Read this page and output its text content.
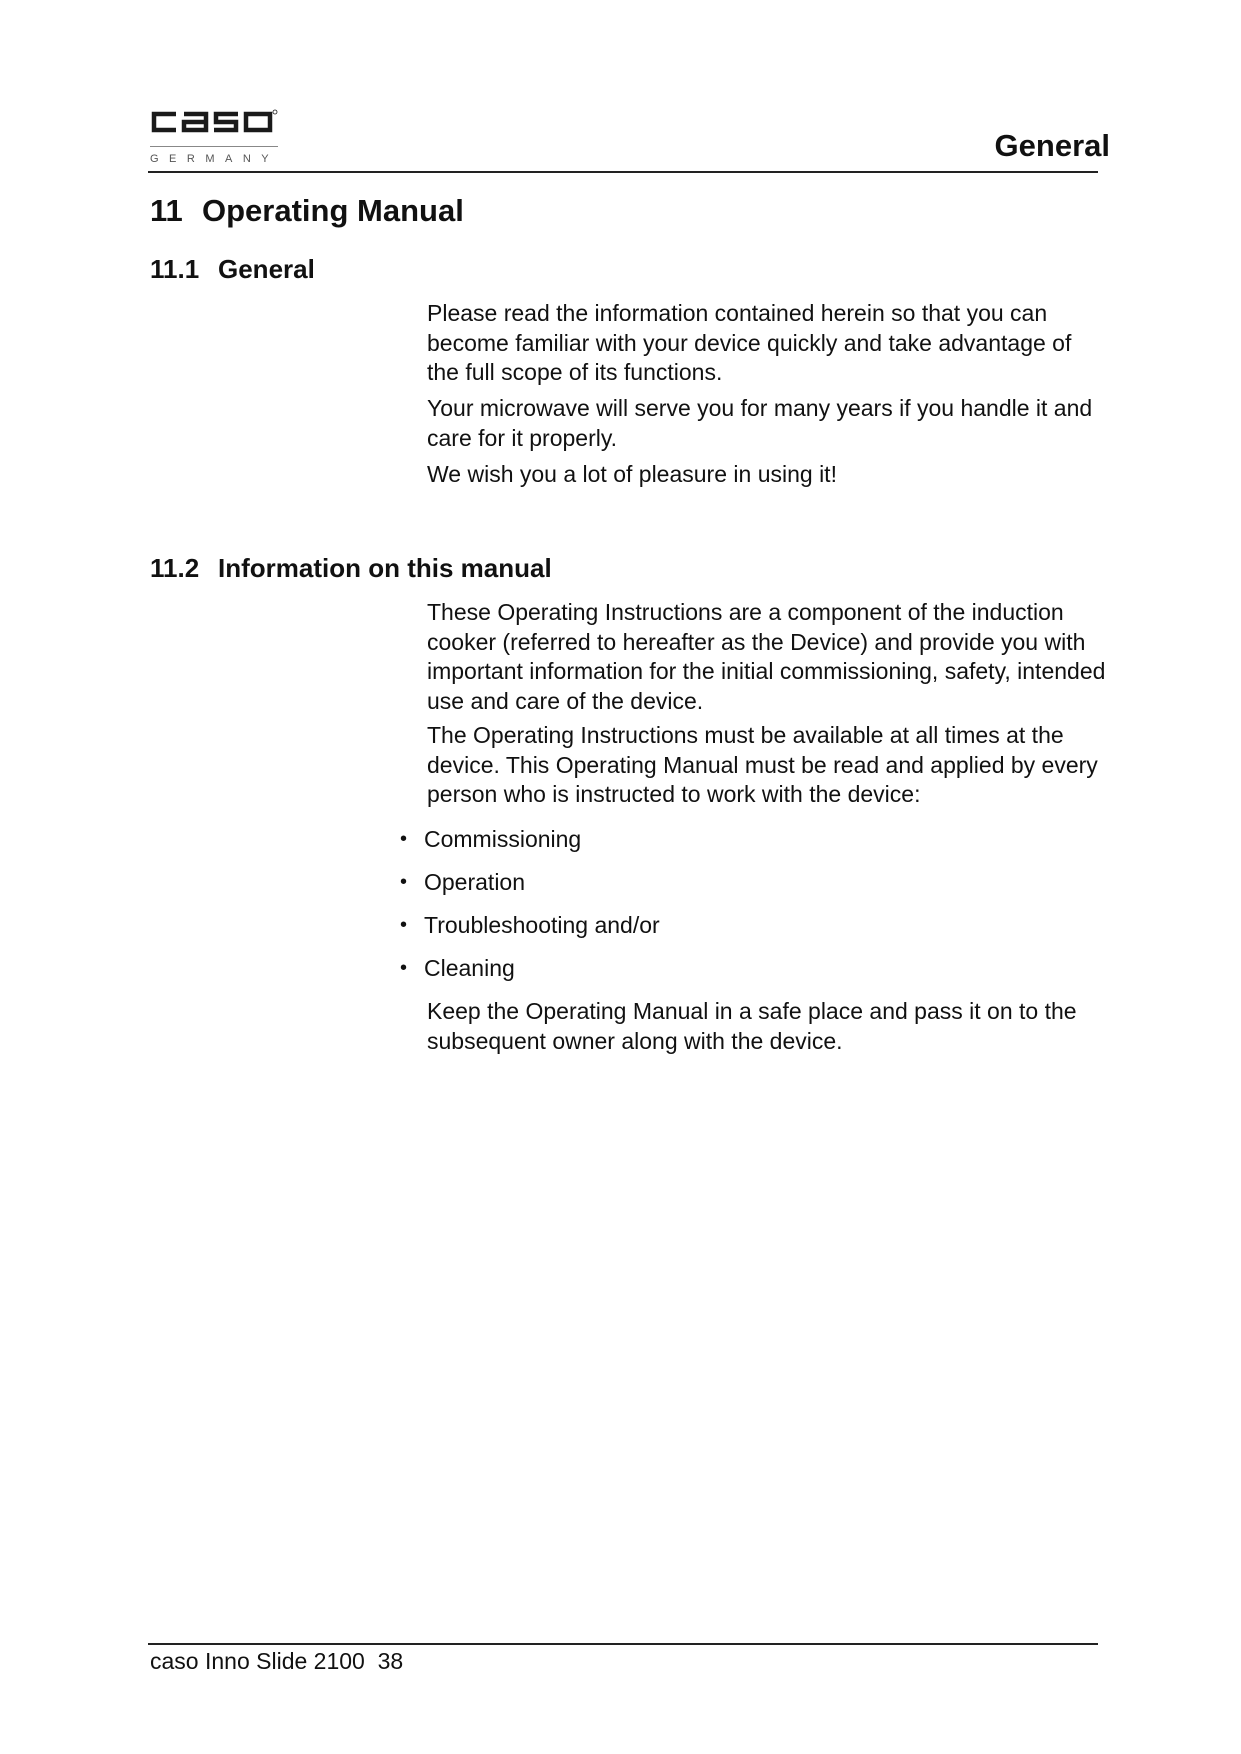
GERMANY	General
11 Operating Manual
11.1 General

Please read the information contained herein so that you can become familiar with your device quickly and take advantage of the full scope of its functions.

Your microwave will serve you for many years if you handle it and care for it properly.

We wish you a lot of pleasure in using it!

11.2 Information on this manual

These Operating Instructions are a component of the induction cooker (referred to hereafter as the Device) and provide you with important information for the initial commissioning, safety, intended use and care of the device.

The Operating Instructions must be available at all times at the device. This Operating Manual must be read and applied by every person who is instructed to work with the device:

• Commissioning
• Operation
• Troubleshooting and/or
• Cleaning

Keep the Operating Manual in a safe place and pass it on to the subsequent owner along with the device.

caso Inno Slide 2100 38
